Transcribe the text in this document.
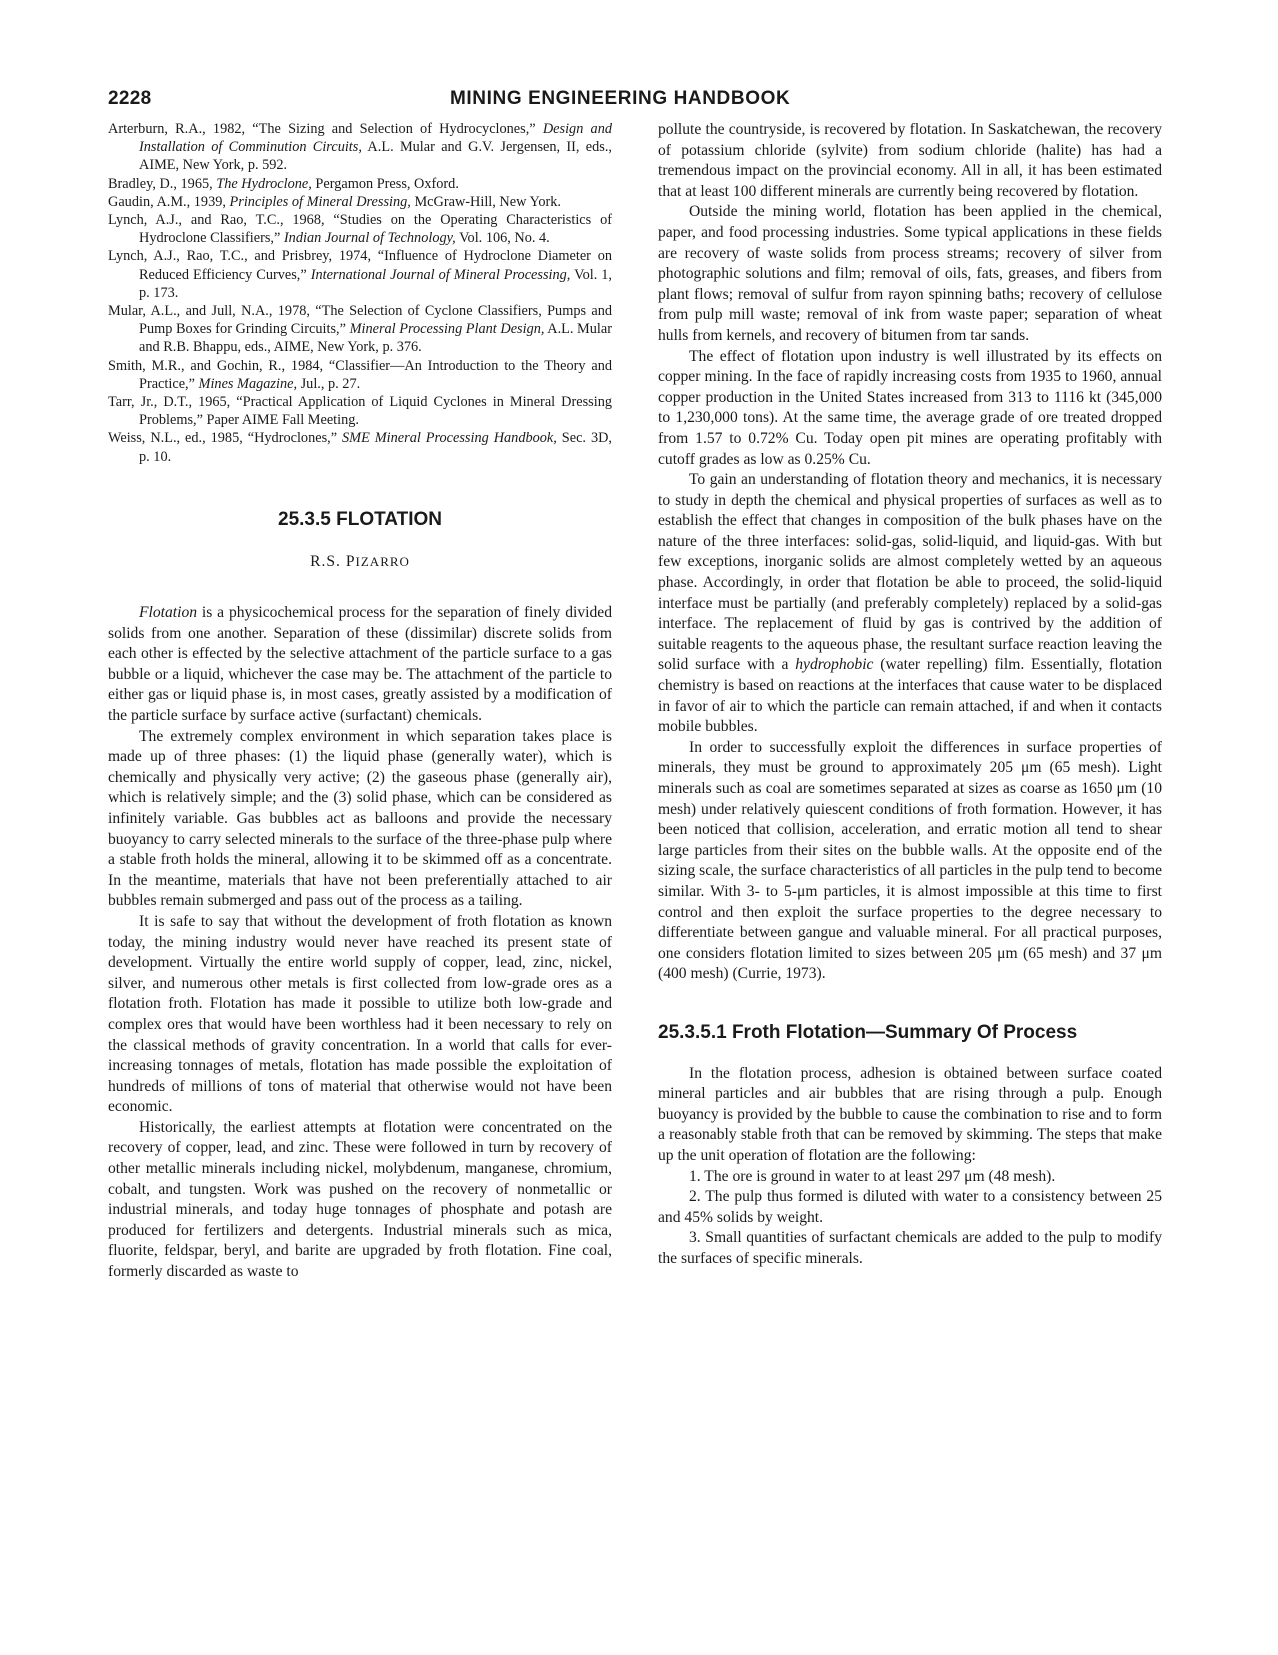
2228	MINING ENGINEERING HANDBOOK

Arterburn, R.A., 1982, “The Sizing and Selection of Hydrocyclones,” Design and Installation of Comminution Circuits, A.L. Mular and G.V. Jergensen, II, eds., AIME, New York, p. 592.

Bradley, D., 1965, The Hydroclone, Pergamon Press, Oxford.

Gaudin, A.M., 1939, Principles of Mineral Dressing, McGraw-Hill, New York.

Lynch, A.J., and Rao, T.C., 1968, “Studies on the Operating Characteristics of Hydroclone Classifiers,” Indian Journal of Technology, Vol. 106, No. 4.

Lynch, A.J., Rao, T.C., and Prisbrey, 1974, “Influence of Hydroclone Diameter on Reduced Efficiency Curves,” International Journal of Mineral Processing, Vol. 1, p. 173.

Mular, A.L., and Jull, N.A., 1978, “The Selection of Cyclone Classifiers, Pumps and Pump Boxes for Grinding Circuits,” Mineral Processing Plant Design, A.L. Mular and R.B. Bhappu, eds., AIME, New York, p. 376.

Smith, M.R., and Gochin, R., 1984, “Classifier—An Introduction to the Theory and Practice,” Mines Magazine, Jul., p. 27.

Tarr, Jr., D.T., 1965, “Practical Application of Liquid Cyclones in Mineral Dressing Problems,” Paper AIME Fall Meeting.

Weiss, N.L., ed., 1985, “Hydroclones,” SME Mineral Processing Handbook, Sec. 3D, p. 10.

25.3.5 FLOTATION
R.S. PIZARRO

Flotation is a physicochemical process for the separation of finely divided solids from one another. Separation of these (dissimilar) discrete solids from each other is effected by the selective attachment of the particle surface to a gas bubble or a liquid, whichever the case may be. The attachment of the particle to either gas or liquid phase is, in most cases, greatly assisted by a modification of the particle surface by surface active (surfactant) chemicals.

The extremely complex environment in which separation takes place is made up of three phases: (1) the liquid phase (generally water), which is chemically and physically very active; (2) the gaseous phase (generally air), which is relatively simple; and the (3) solid phase, which can be considered as infinitely variable. Gas bubbles act as balloons and provide the necessary buoyancy to carry selected minerals to the surface of the three-phase pulp where a stable froth holds the mineral, allowing it to be skimmed off as a concentrate. In the meantime, materials that have not been preferentially attached to air bubbles remain submerged and pass out of the process as a tailing.

It is safe to say that without the development of froth flotation as known today, the mining industry would never have reached its present state of development. Virtually the entire world supply of copper, lead, zinc, nickel, silver, and numerous other metals is first collected from low-grade ores as a flotation froth. Flotation has made it possible to utilize both low-grade and complex ores that would have been worthless had it been necessary to rely on the classical methods of gravity concentration. In a world that calls for ever-increasing tonnages of metals, flotation has made possible the exploitation of hundreds of millions of tons of material that otherwise would not have been economic.

Historically, the earliest attempts at flotation were concentrated on the recovery of copper, lead, and zinc. These were followed in turn by recovery of other metallic minerals including nickel, molybdenum, manganese, chromium, cobalt, and tungsten. Work was pushed on the recovery of nonmetallic or industrial minerals, and today huge tonnages of phosphate and potash are produced for fertilizers and detergents. Industrial minerals such as mica, fluorite, feldspar, beryl, and barite are upgraded by froth flotation. Fine coal, formerly discarded as waste to

pollute the countryside, is recovered by flotation. In Saskatchewan, the recovery of potassium chloride (sylvite) from sodium chloride (halite) has had a tremendous impact on the provincial economy. All in all, it has been estimated that at least 100 different minerals are currently being recovered by flotation.

Outside the mining world, flotation has been applied in the chemical, paper, and food processing industries. Some typical applications in these fields are recovery of waste solids from process streams; recovery of silver from photographic solutions and film; removal of oils, fats, greases, and fibers from plant flows; removal of sulfur from rayon spinning baths; recovery of cellulose from pulp mill waste; removal of ink from waste paper; separation of wheat hulls from kernels, and recovery of bitumen from tar sands.

The effect of flotation upon industry is well illustrated by its effects on copper mining. In the face of rapidly increasing costs from 1935 to 1960, annual copper production in the United States increased from 313 to 1116 kt (345,000 to 1,230,000 tons). At the same time, the average grade of ore treated dropped from 1.57 to 0.72% Cu. Today open pit mines are operating profitably with cutoff grades as low as 0.25% Cu.

To gain an understanding of flotation theory and mechanics, it is necessary to study in depth the chemical and physical properties of surfaces as well as to establish the effect that changes in composition of the bulk phases have on the nature of the three interfaces: solid-gas, solid-liquid, and liquid-gas. With but few exceptions, inorganic solids are almost completely wetted by an aqueous phase. Accordingly, in order that flotation be able to proceed, the solid-liquid interface must be partially (and preferably completely) replaced by a solid-gas interface. The replacement of fluid by gas is contrived by the addition of suitable reagents to the aqueous phase, the resultant surface reaction leaving the solid surface with a hydrophobic (water repelling) film. Essentially, flotation chemistry is based on reactions at the interfaces that cause water to be displaced in favor of air to which the particle can remain attached, if and when it contacts mobile bubbles.

In order to successfully exploit the differences in surface properties of minerals, they must be ground to approximately 205 μm (65 mesh). Light minerals such as coal are sometimes separated at sizes as coarse as 1650 μm (10 mesh) under relatively quiescent conditions of froth formation. However, it has been noticed that collision, acceleration, and erratic motion all tend to shear large particles from their sites on the bubble walls. At the opposite end of the sizing scale, the surface characteristics of all particles in the pulp tend to become similar. With 3- to 5-μm particles, it is almost impossible at this time to first control and then exploit the surface properties to the degree necessary to differentiate between gangue and valuable mineral. For all practical purposes, one considers flotation limited to sizes between 205 μm (65 mesh) and 37 μm (400 mesh) (Currie, 1973).

25.3.5.1 Froth Flotation—Summary Of Process

In the flotation process, adhesion is obtained between surface coated mineral particles and air bubbles that are rising through a pulp. Enough buoyancy is provided by the bubble to cause the combination to rise and to form a reasonably stable froth that can be removed by skimming. The steps that make up the unit operation of flotation are the following:

1. The ore is ground in water to at least 297 μm (48 mesh).

2. The pulp thus formed is diluted with water to a consistency between 25 and 45% solids by weight.

3. Small quantities of surfactant chemicals are added to the pulp to modify the surfaces of specific minerals.
